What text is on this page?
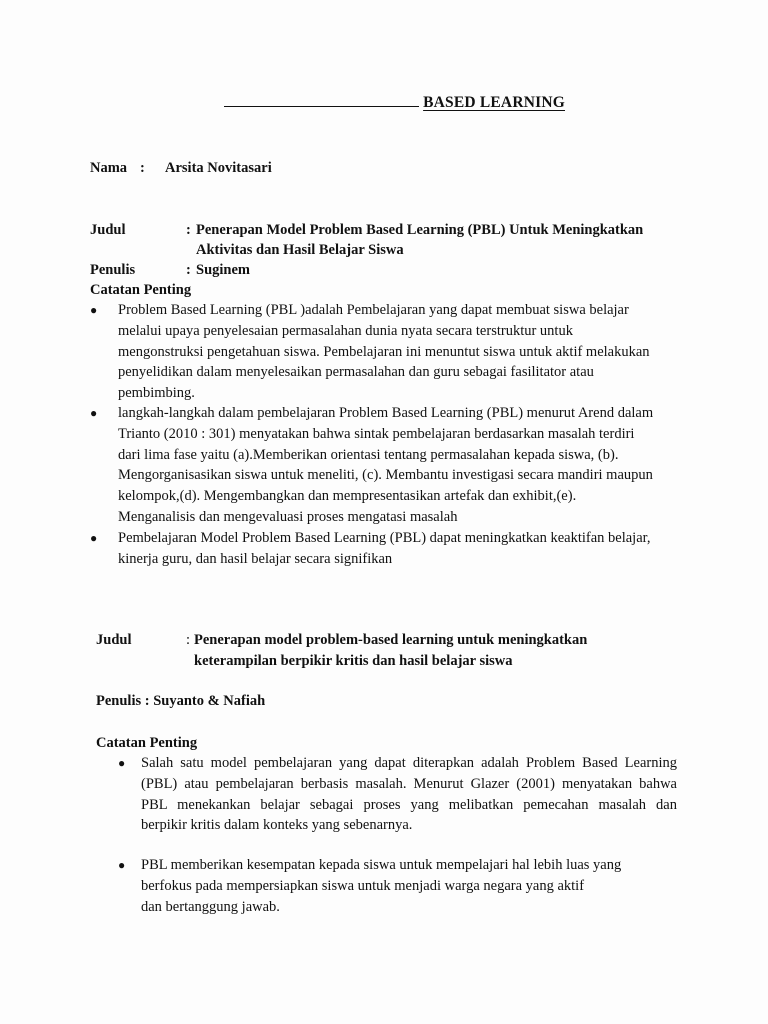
BASED LEARNING
Nama : Arsita Novitasari
Judul	: Penerapan Model Problem Based Learning (PBL) Untuk Meningkatkan
Aktivitas dan Hasil Belajar Siswa
Penulis	: Suginem
Catatan Penting
● Problem Based Learning (PBL )adalah Pembelajaran yang dapat membuat siswa belajar

melalui upaya penyelesaian permasalahan dunia nyata secara terstruktur untuk

mengonstruksi pengetahuan siswa. Pembelajaran ini menuntut siswa untuk aktif melakukan

penyelidikan dalam menyelesaikan permasalahan dan guru sebagai fasilitator atau

pembimbing.

● langkah-langkah dalam pembelajaran Problem Based Learning (PBL) menurut Arend dalam

Trianto (2010 : 301) menyatakan bahwa sintak pembelajaran berdasarkan masalah terdiri

dari lima fase yaitu (a).Memberikan orientasi tentang permasalahan kepada siswa, (b).

Mengorganisasikan siswa untuk meneliti, (c). Membantu investigasi secara mandiri maupun

kelompok,(d). Mengembangkan dan mempresentasikan artefak dan exhibit,(e).

Menganalisis dan mengevaluasi proses mengatasi masalah

● Pembelajaran Model Problem Based Learning (PBL) dapat meningkatkan keaktifan belajar,

kinerja guru, dan hasil belajar secara signifikan

Judul	: Penerapan model problem-based learning untuk meningkatkan
keterampilan berpikir kritis dan hasil belajar siswa
Penulis : Suyanto & Nafiah
Catatan Penting
● Salah satu model pembelajaran yang dapat diterapkan adalah Problem Based Learning

(PBL) atau pembelajaran berbasis masalah. Menurut Glazer (2001) menyatakan bahwa

PBL menekankan belajar sebagai proses yang melibatkan pemecahan masalah dan

berpikir kritis dalam konteks yang sebenarnya.

● PBL memberikan kesempatan kepada siswa untuk mempelajari hal lebih luas yang

berfokus pada mempersiapkan siswa untuk menjadi warga negara yang aktif

dan bertanggung jawab.
